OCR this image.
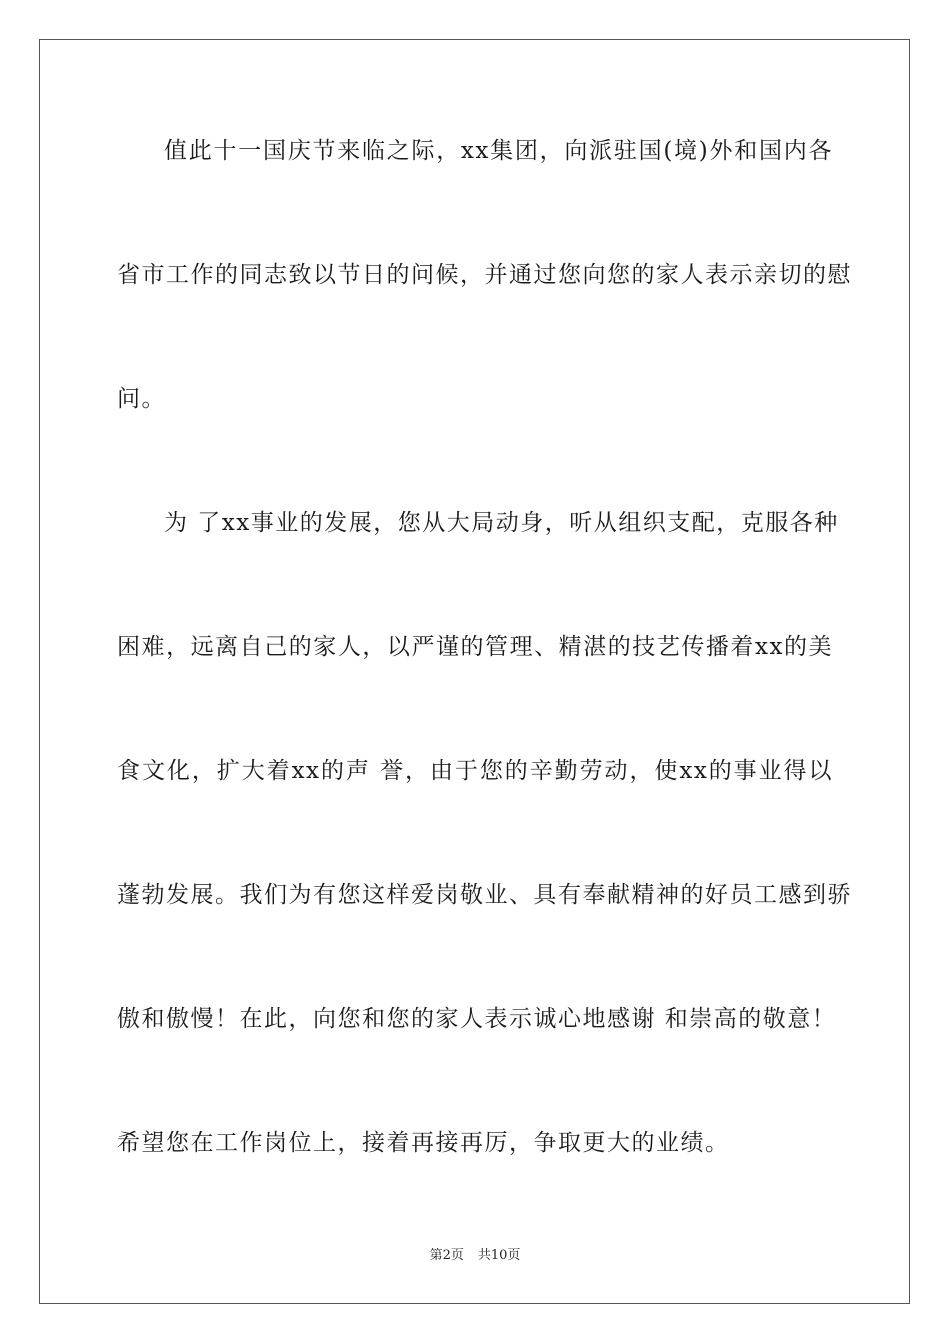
值此十一国庆节来临之际，xx集团，向派驻国(境)外和国内各
省市工作的同志致以节日的问候，并通过您向您的家人表示亲切的慰
问。
为 了xx事业的发展，您从大局动身，听从组织支配，克服各种
困难，远离自己的家人，以严谨的管理、精湛的技艺传播着xx的美
食文化，扩大着xx的声 誉，由于您的辛勤劳动，使xx的事业得以
蓬勃发展。我们为有您这样爱岗敬业、具有奉献精神的好员工感到骄
傲和傲慢！在此，向您和您的家人表示诚心地感谢 和崇高的敬意！
希望您在工作岗位上，接着再接再厉，争取更大的业绩。
第2页 共10页
